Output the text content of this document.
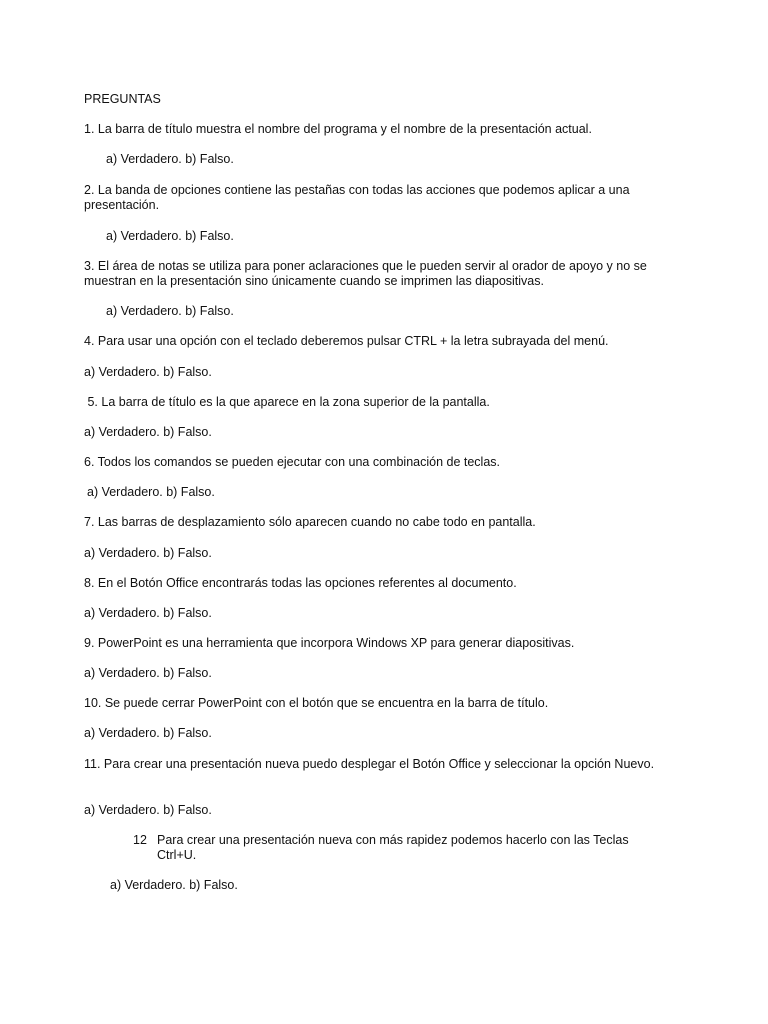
PREGUNTAS
1. La barra de título muestra el nombre del programa y el nombre de la presentación actual.
a) Verdadero. b) Falso.
2. La banda de opciones contiene las pestañas con todas las acciones que podemos aplicar a una presentación.
a) Verdadero. b) Falso.
3. El área de notas se utiliza para poner aclaraciones que le pueden servir al orador de apoyo y no se muestran en la presentación sino únicamente cuando se imprimen las diapositivas.
a) Verdadero. b) Falso.
4. Para usar una opción con el teclado deberemos pulsar CTRL + la letra subrayada del menú.
a) Verdadero. b) Falso.
5. La barra de título es la que aparece en la zona superior de la pantalla.
a) Verdadero. b) Falso.
6. Todos los comandos se pueden ejecutar con una combinación de teclas.
a) Verdadero. b) Falso.
7. Las barras de desplazamiento sólo aparecen cuando no cabe todo en pantalla.
a) Verdadero. b) Falso.
8. En el Botón Office encontrarás todas las opciones referentes al documento.
a) Verdadero. b) Falso.
9. PowerPoint es una herramienta que incorpora Windows XP para generar diapositivas.
a) Verdadero. b) Falso.
10. Se puede cerrar PowerPoint con el botón que se encuentra en la barra de título.
a) Verdadero. b) Falso.
11. Para crear una presentación nueva puedo desplegar el Botón Office y seleccionar la opción Nuevo.
a) Verdadero. b) Falso.
12 Para crear una presentación nueva con más rapidez podemos hacerlo con las Teclas Ctrl+U.
a) Verdadero. b) Falso.
